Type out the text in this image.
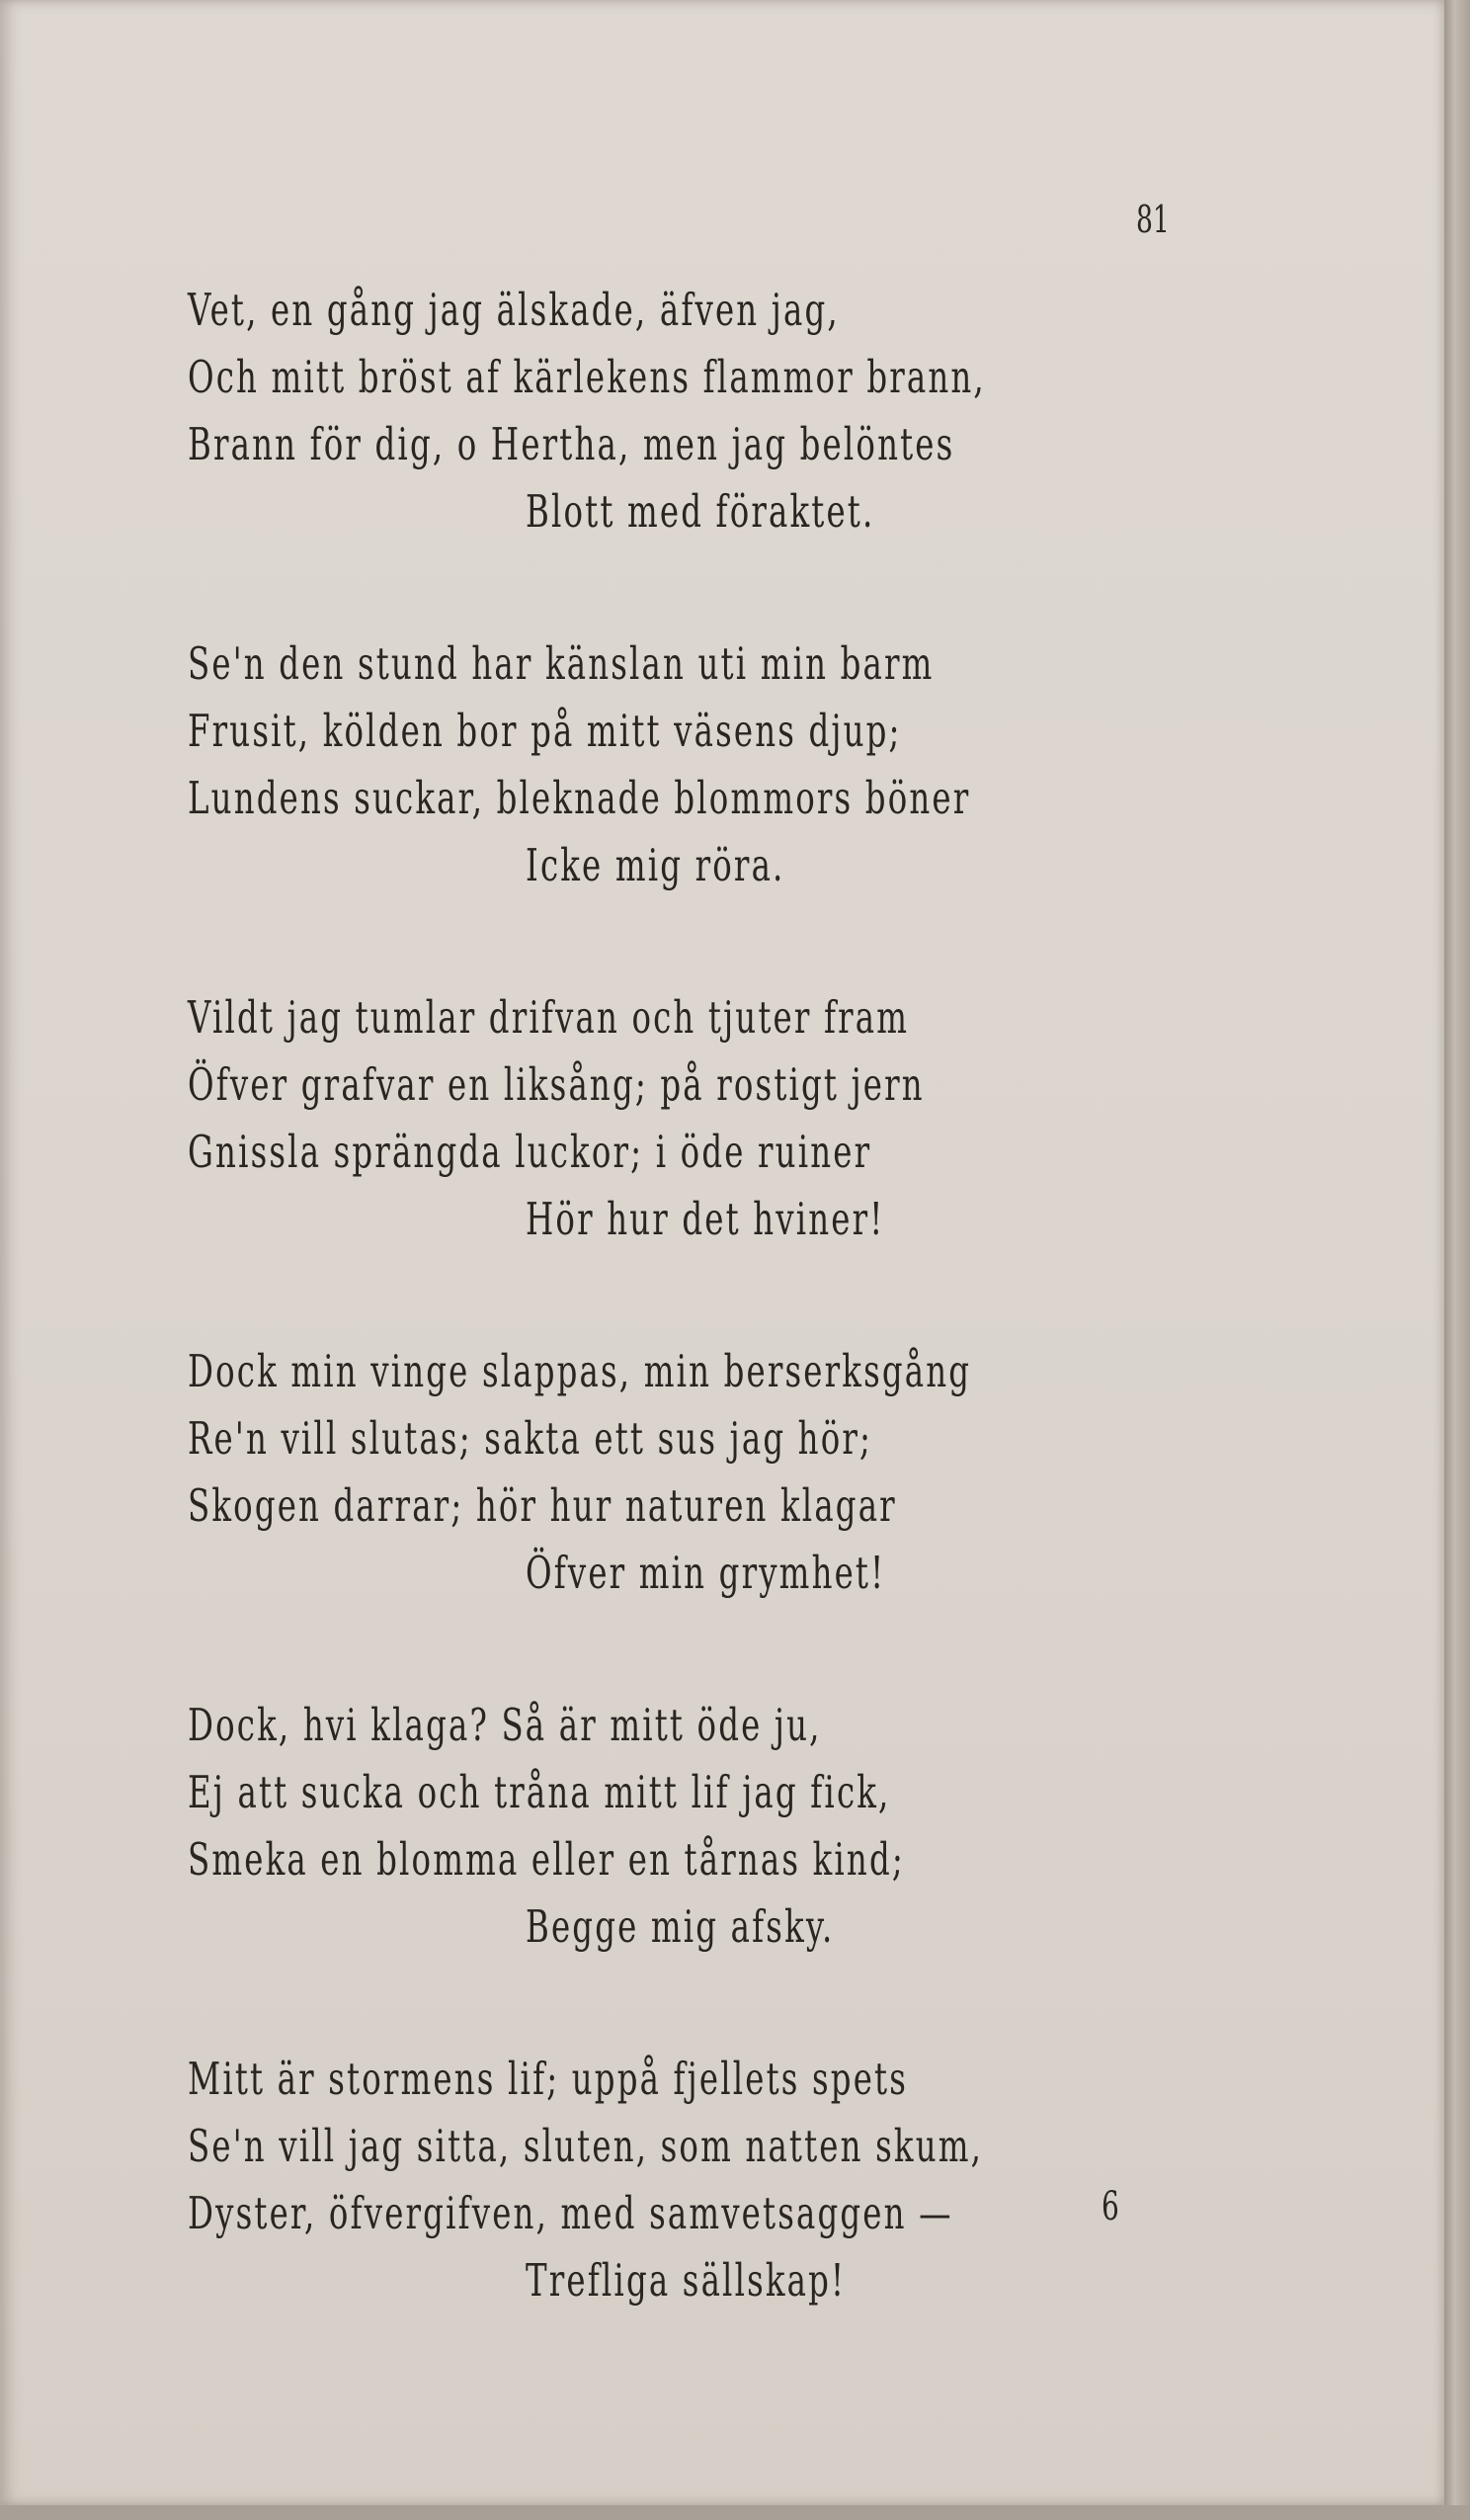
81
Vet, en gång jag älskade, äfven jag,
Och mitt bröst af kärlekens flammor brann,
Brann för dig, o Hertha, men jag belöntes
Blott med föraktet.
Se'n den stund har känslan uti min barm
Frusit, kölden bor på mitt väsens djup;
Lundens suckar, bleknade blommors böner
Icke mig röra.
Vildt jag tumlar drifvan och tjuter fram
Öfver grafvar en liksång; på rostigt jern
Gnissla sprängda luckor; i öde ruiner
Hör hur det hviner!
Dock min vinge slappas, min berserksgång
Re'n vill slutas; sakta ett sus jag hör;
Skogen darrar; hör hur naturen klagar
Öfver min grymhet!
Dock, hvi klaga? Så är mitt öde ju,
Ej att sucka och tråna mitt lif jag fick,
Smeka en blomma eller en tårnas kind;
Begge mig afsky.
Mitt är stormens lif; uppå fjellets spets
Se'n vill jag sitta, sluten, som natten skum,
Dyster, öfvergifven, med samvetsaggen —
Trefliga sällskap!
6
